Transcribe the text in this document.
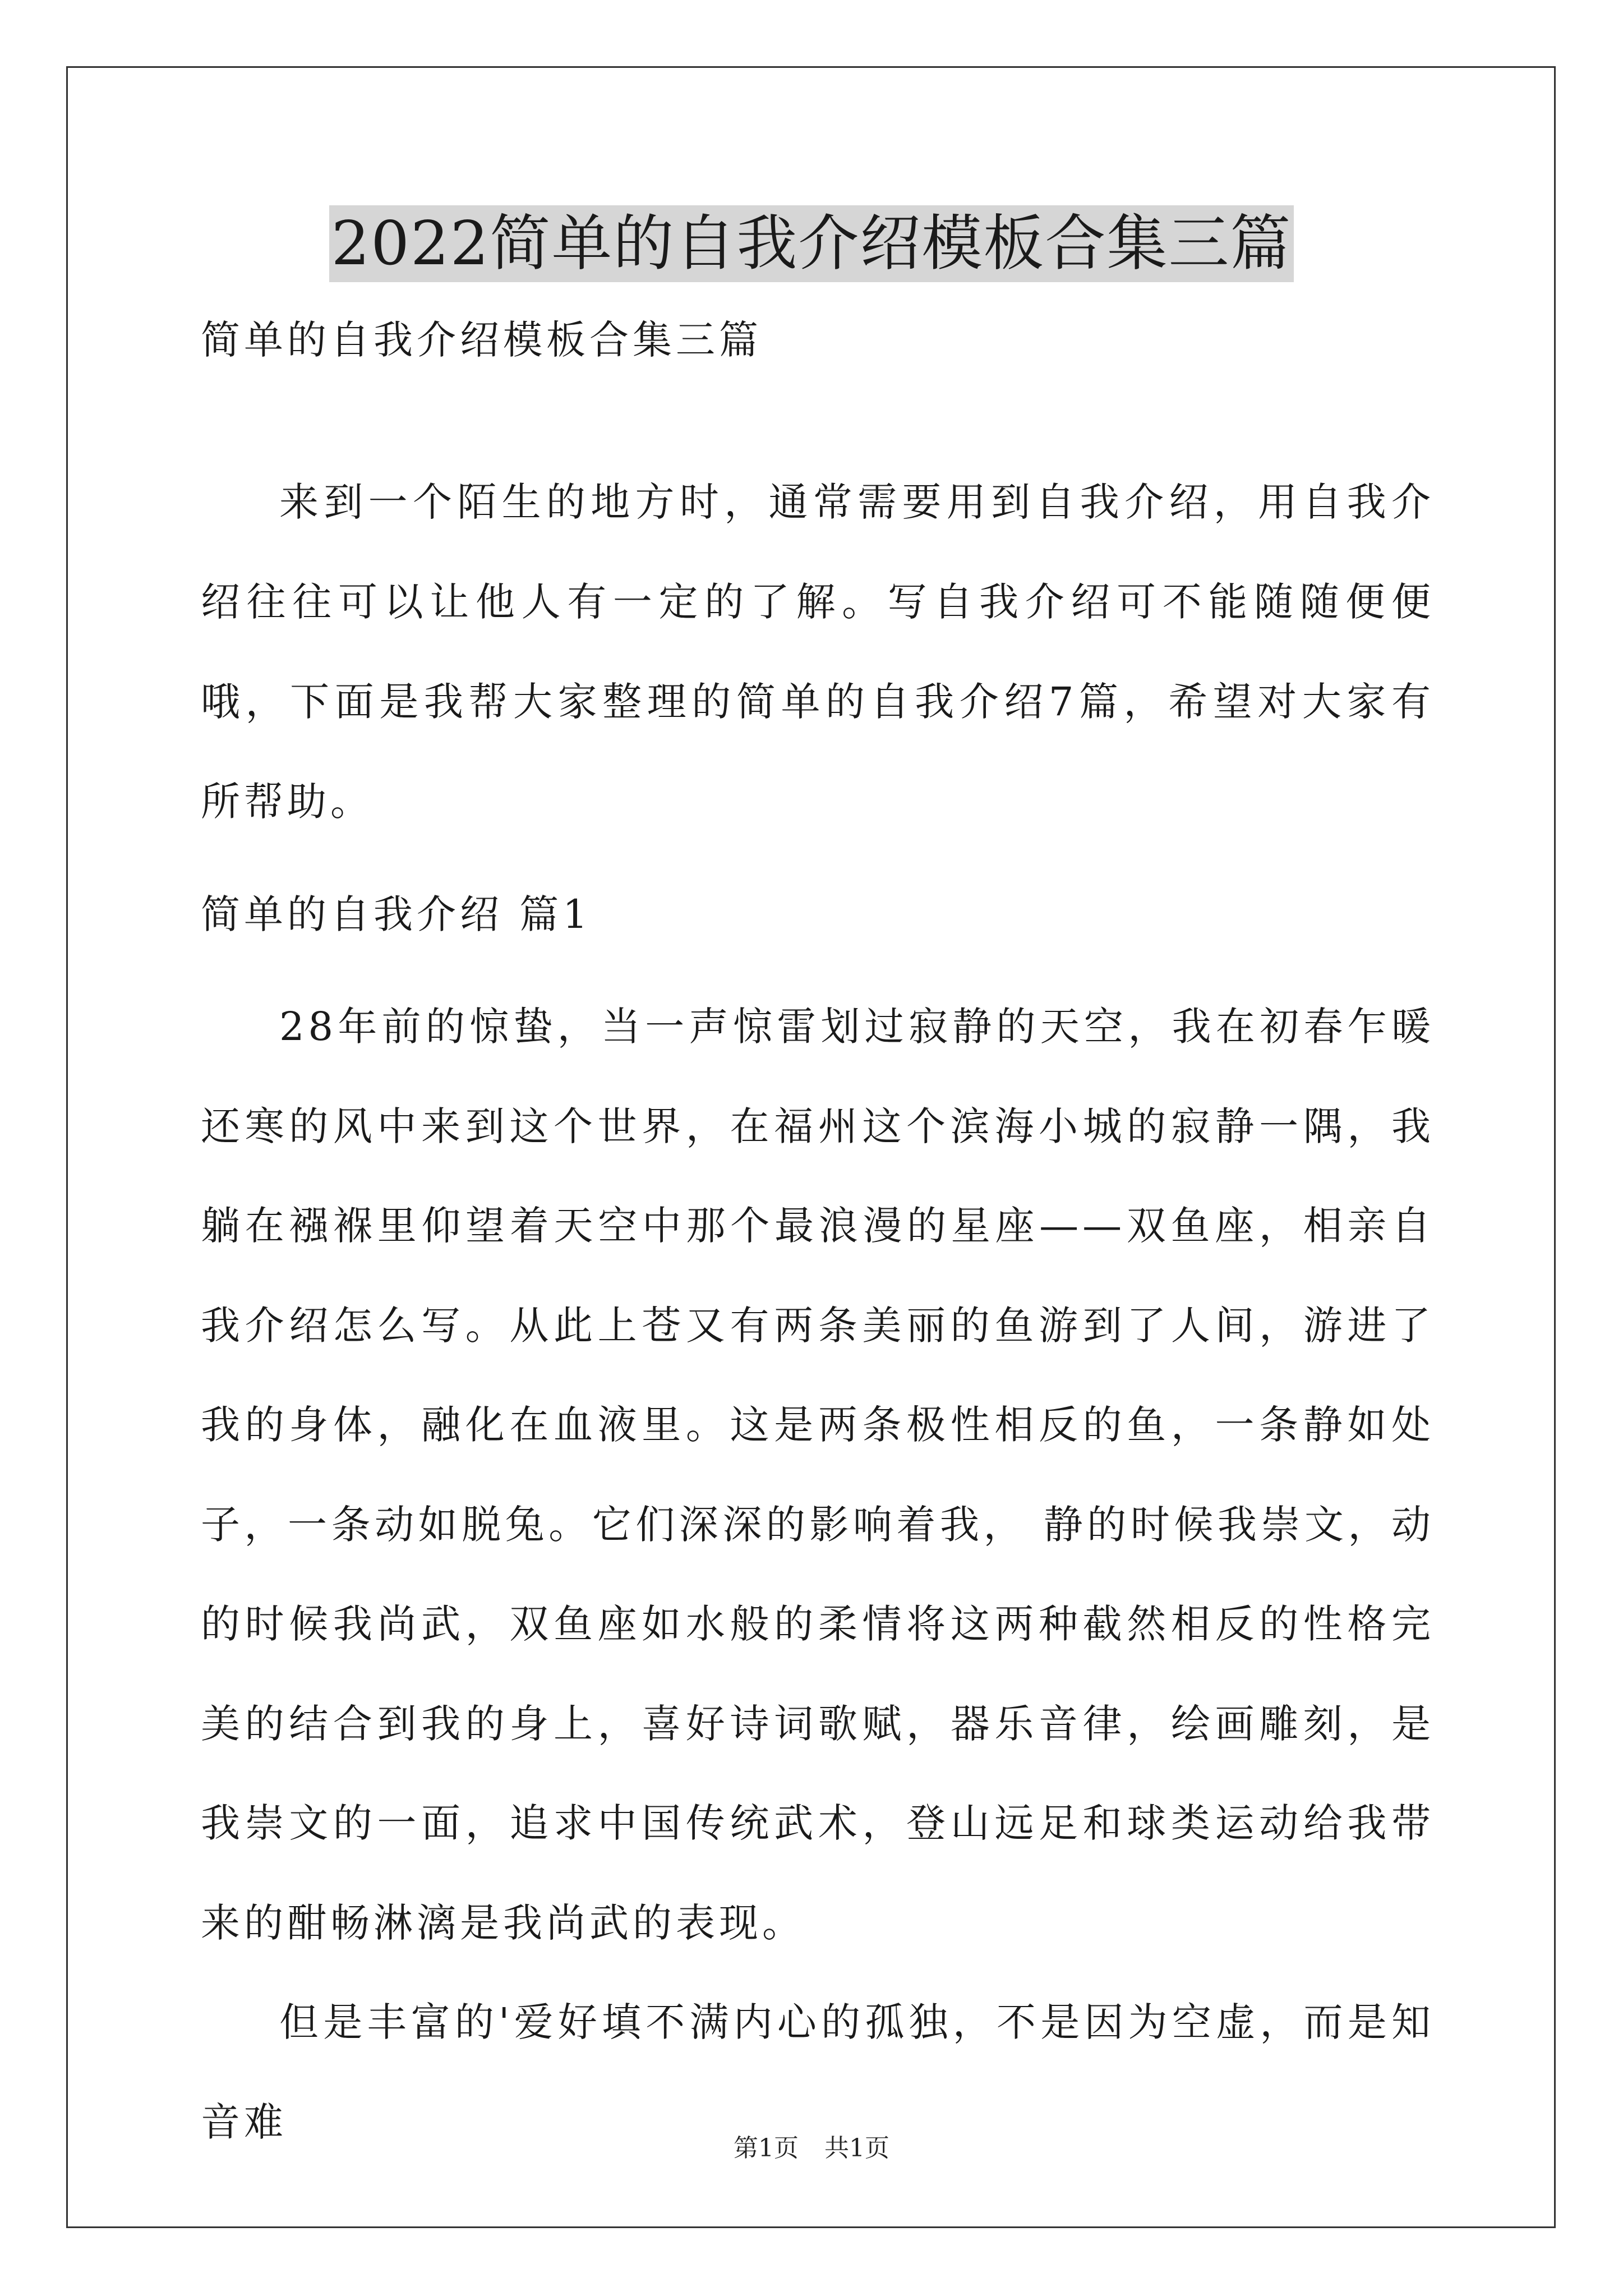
2022简单的自我介绍模板合集三篇
简单的自我介绍模板合集三篇

来到一个陌生的地方时，通常需要用到自我介绍，用自我介绍往往可以让他人有一定的了解。写自我介绍可不能随随便便哦，下面是我帮大家整理的简单的自我介绍7篇，希望对大家有所帮助。

简单的自我介绍 篇1

28年前的惊蛰，当一声惊雷划过寂静的天空，我在初春乍暖还寒的风中来到这个世界，在福州这个滨海小城的寂静一隅，我躺在襁褓里仰望着天空中那个最浪漫的星座——双鱼座，相亲自我介绍怎么写。从此上苍又有两条美丽的鱼游到了人间，游进了我的身体，融化在血液里。这是两条极性相反的鱼，一条静如处子，一条动如脱兔。它们深深的影响着我， 静的时候我崇文，动的时候我尚武，双鱼座如水般的柔情将这两种截然相反的性格完美的结合到我的身上，喜好诗词歌赋，器乐音律，绘画雕刻，是我崇文的一面，追求中国传统武术，登山远足和球类运动给我带来的酣畅淋漓是我尚武的表现。

但是丰富的'爱好填不满内心的孤独，不是因为空虚，而是知音难

第1页 共1页
